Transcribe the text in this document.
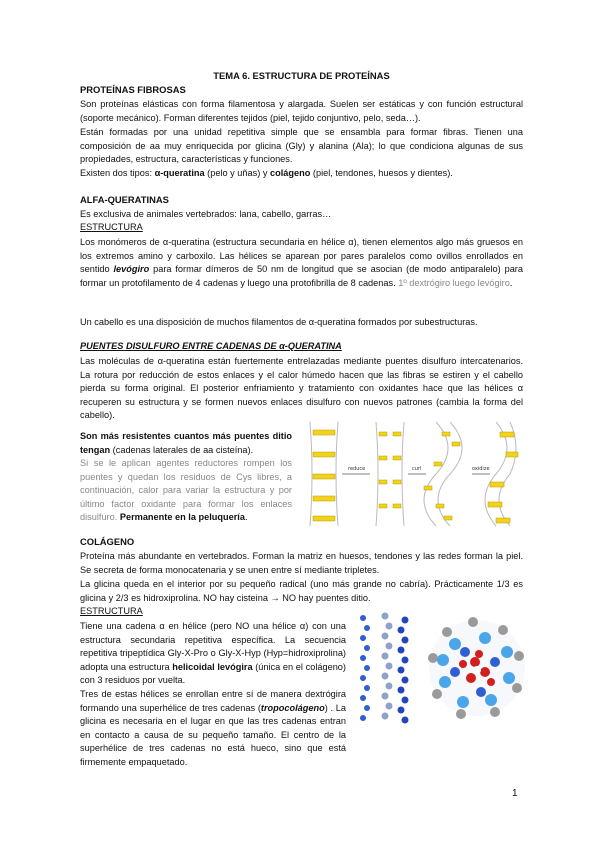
TEMA 6. ESTRUCTURA DE PROTEÍNAS
PROTEÍNAS FIBROSAS

Son proteínas elásticas con forma filamentosa y alargada. Suelen ser estáticas y con función estructural (soporte mecánico). Forman diferentes tejidos (piel, tejido conjuntivo, pelo, seda…).

Están formadas por una unidad repetitiva simple que se ensambla para formar fibras. Tienen una composición de aa muy enriquecida por glicina (Gly) y alanina (Ala); lo que condiciona algunas de sus propiedades, estructura, características y funciones.

Existen dos tipos: α-queratina (pelo y uñas) y colágeno (piel, tendones, huesos y dientes).

ALFA-QUERATINAS

Es exclusiva de animales vertebrados: lana, cabello, garras…

ESTRUCTURA

Los monómeros de α-queratina (estructura secundaria en hélice α), tienen elementos algo más gruesos en los extremos amino y carboxilo. Las hélices se aparean por pares paralelos como ovillos enrollados en sentido levógiro para formar dímeros de 50 nm de longitud que se asocian (de modo antiparalelo) para formar un protofilamento de 4 cadenas y luego una protofibrilla de 8 cadenas. 1º dextrógiro luego levógiro.

Un cabello es una disposición de muchos filamentos de α-queratina formados por subestructuras.

PUENTES DISULFURO ENTRE CADENAS DE α-QUERATINA

Las moléculas de α-queratina están fuertemente entrelazadas mediante puentes disulfuro intercatenarios. La rotura por reducción de estos enlaces y el calor húmedo hacen que las fibras se estiren y el cabello pierda su forma original. El posterior enfriamiento y tratamiento con oxidantes hace que las hélices α recuperen su estructura y se formen nuevos enlaces disulfuro con nuevos patrones (cambia la forma del cabello).

Son más resistentes cuantos más puentes ditio tengan (cadenas laterales de aa cisteína).

Si se le aplican agentes reductores rompen los puentes y quedan los residuos de Cys libres, a continuación, calor para variar la estructura y por último factor oxidante para formar los enlaces disulfuro. Permanente en la peluquería.

reduce	curl	oxidize
COLÁGENO

Proteína más abundante en vertebrados. Forman la matriz en huesos, tendones y las redes forman la piel. Se secreta de forma monocatenaria y se unen entre sí mediante tripletes.

La glicina queda en el interior por su pequeño radical (uno más grande no cabría). Prácticamente 1/3 es glicina y 2/3 es hidroxiprolina. NO hay cisteina → NO hay puentes ditio.

ESTRUCTURA

Tiene una cadena α en hélice (pero NO una hélice α) con una estructura secundaria repetitiva específica. La secuencia repetitiva tripeptídica Gly-X-Pro o Gly-X-Hyp (Hyp=hidroxiprolina) adopta una estructura helicoidal levógira (única en el colágeno) con 3 residuos por vuelta.

Tres de estas hélices se enrollan entre sí de manera dextrógira formando una superhélice de tres cadenas (tropocolágeno) . La glicina es necesaria en el lugar en que las tres cadenas entran en contacto a causa de su pequeño tamaño. El centro de la superhélice de tres cadenas no está hueco, sino que está firmemente empaquetado.

1
